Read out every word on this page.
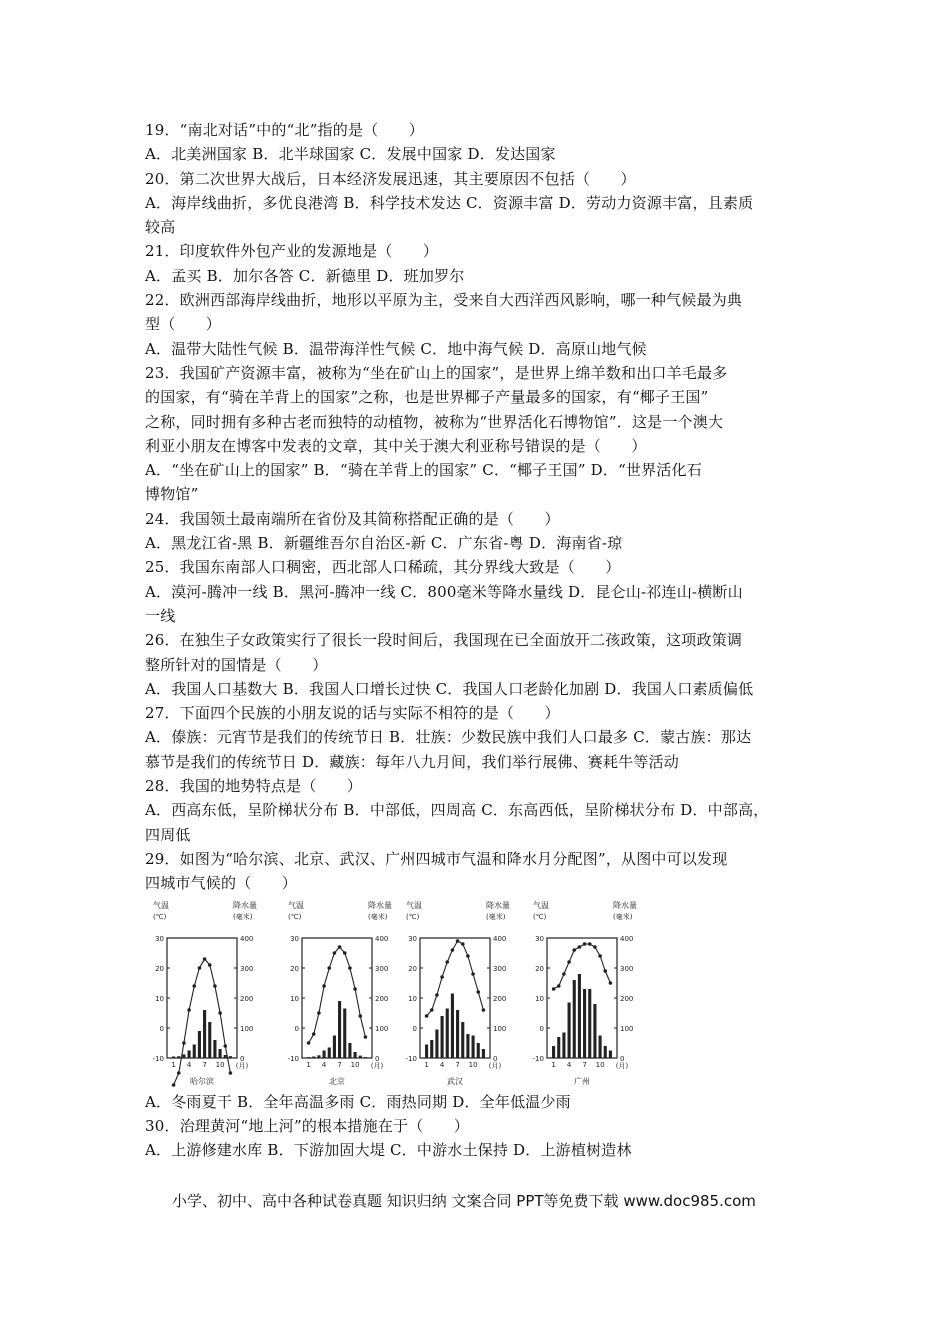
19．“南北对话”中的“北”指的是（　　）
A．北美洲国家 B．北半球国家 C．发展中国家 D．发达国家
20．第二次世界大战后，日本经济发展迅速，其主要原因不包括（　　）
A．海岸线曲折，多优良港湾 B．科学技术发达 C．资源丰富 D．劳动力资源丰富，且素质
较高
21．印度软件外包产业的发源地是（　　）
A．孟买 B．加尔各答 C．新德里 D．班加罗尔
22．欧洲西部海岸线曲折，地形以平原为主，受来自大西洋西风影响，哪一种气候最为典
型（　　）
A．温带大陆性气候 B．温带海洋性气候 C．地中海气候 D．高原山地气候
23．我国矿产资源丰富，被称为“坐在矿山上的国家”，是世界上绵羊数和出口羊毛最多
的国家，有“骑在羊背上的国家”之称，也是世界椰子产量最多的国家，有“椰子王国”
之称，同时拥有多种古老而独特的动植物，被称为“世界活化石博物馆”．这是一个澳大
利亚小朋友在博客中发表的文章，其中关于澳大利亚称号错误的是（　　）
A．“坐在矿山上的国家” B．“骑在羊背上的国家” C．“椰子王国” D．“世界活化石
博物馆”
24．我国领土最南端所在省份及其简称搭配正确的是（　　）
A．黑龙江省-黑 B．新疆维吾尔自治区-新 C．广东省-粤 D．海南省-琼
25．我国东南部人口稠密，西北部人口稀疏，其分界线大致是（　　）
A．漠河-腾冲一线 B．黑河-腾冲一线 C．800毫米等降水量线 D．昆仑山-祁连山-横断山
一线
26．在独生子女政策实行了很长一段时间后，我国现在已全面放开二孩政策，这项政策调
整所针对的国情是（　　）
A．我国人口基数大 B．我国人口增长过快 C．我国人口老龄化加剧 D．我国人口素质偏低
27．下面四个民族的小朋友说的话与实际不相符的是（　　）
A．傣族：元宵节是我们的传统节日 B．壮族：少数民族中我们人口最多 C．蒙古族：那达
慕节是我们的传统节日 D．藏族：每年八九月间，我们举行展佛、赛耗牛等活动
28．我国的地势特点是（　　）
A．西高东低，呈阶梯状分布 B．中部低，四周高 C．东高西低，呈阶梯状分布 D．中部高，
四周低
29．如图为“哈尔滨、北京、武汉、广州四城市气温和降水月分配图”，从图中可以发现
四城市气候的（　　）
气温
(℃)
降水量
(毫米)
30
20
10
0
-10
400
300
200
100
0
1 4 7 10 (月)
哈尔滨
气温
(℃)
降水量
(毫米)
30
20
10
0
-10
400
300
200
100
0
1 4 7 10 (月)
北京
气温
(℃)
降水量
(毫米)
30
20
10
0
-10
400
300
200
100
0
1 4 7 10 (月)
武汉
气温
(℃)
降水量
(毫米)
30
20
10
0
-10
400
300
200
100
0
1 4 7 10 (月)
广州
A．冬雨夏干 B．全年高温多雨 C．雨热同期 D．全年低温少雨
30．治理黄河“地上河”的根本措施在于（　　）
A．上游修建水库 B．下游加固大堤 C．中游水土保持 D．上游植树造林
小学、初中、高中各种试卷真题 知识归纳 文案合同 PPT等免费下载 www.doc985.com
